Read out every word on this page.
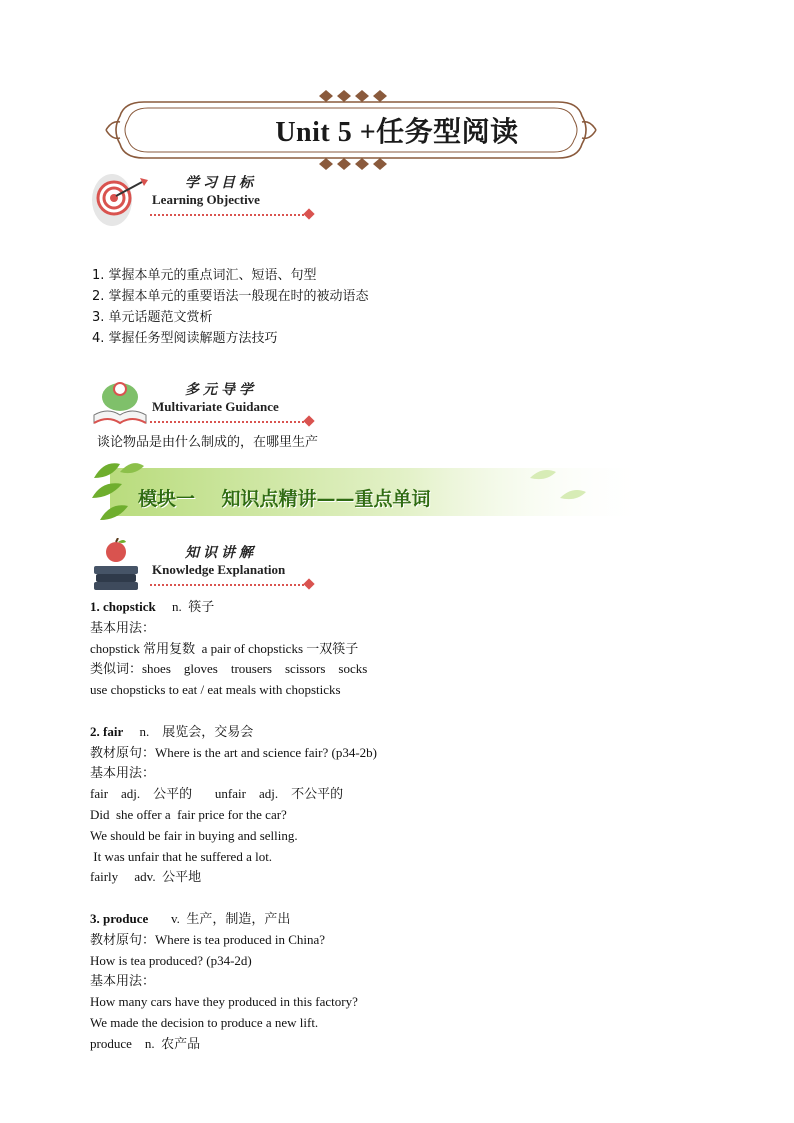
Unit 5 +任务型阅读
学习目标
Learning Objective
1. 掌握本单元的重点词汇、短语、句型
2. 掌握本单元的重要语法一般现在时的被动语态
3. 单元话题范文赏析
4. 掌握任务型阅读解题方法技巧
多元导学
Multivariate Guidance
谈论物品是由什么制成的，在哪里生产
模块一    知识点精讲——重点单词
知识讲解
Knowledge Explanation
1. chopstick     n.  筷子
基本用法：
chopstick 常用复数  a pair of chopsticks 一双筷子
类似词：shoes    gloves    trousers    scissors    socks
use chopsticks to eat / eat meals with chopsticks
2. fair     n.    展览会，交易会
教材原句：Where is the art and science fair? (p34-2b)
基本用法：
fair    adj.    公平的       unfair    adj.    不公平的
Did  she offer a  fair price for the car?
We should be fair in buying and selling.
It was unfair that he suffered a lot.
fairly     adv.  公平地
3. produce       v.  生产，制造，产出
教材原句：Where is tea produced in China?
How is tea produced? (p34-2d)
基本用法：
How many cars have they produced in this factory?
We made the decision to produce a new lift.
produce    n.  农产品
